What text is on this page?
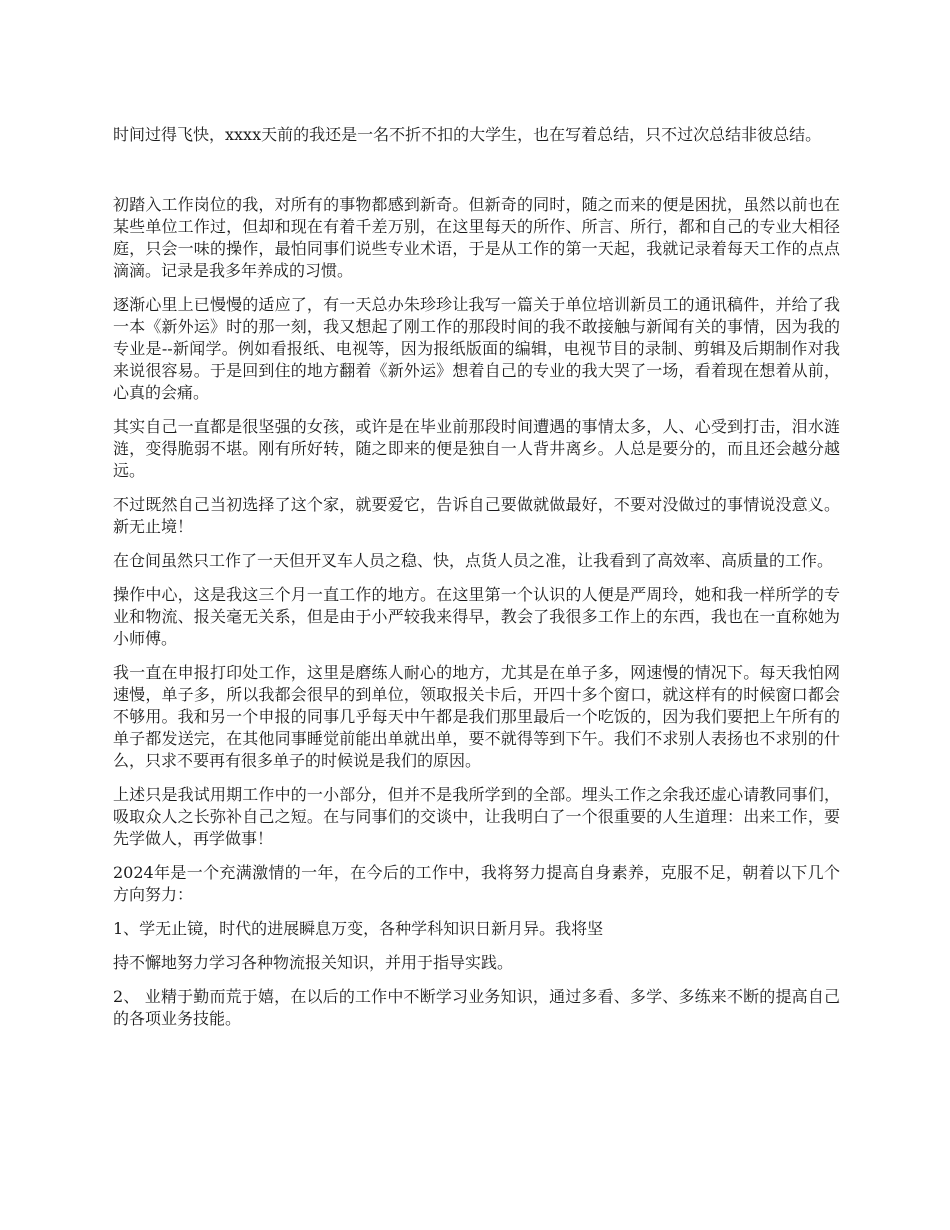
时间过得飞快，xxxx天前的我还是一名不折不扣的大学生，也在写着总结，只不过次总结非彼总结。

初踏入工作岗位的我，对所有的事物都感到新奇。但新奇的同时，随之而来的便是困扰，虽然以前也在某些单位工作过，但却和现在有着千差万别，在这里每天的所作、所言、所行，都和自己的专业大相径庭，只会一味的操作，最怕同事们说些专业术语，于是从工作的第一天起，我就记录着每天工作的点点滴滴。记录是我多年养成的习惯。

逐渐心里上已慢慢的适应了，有一天总办朱珍珍让我写一篇关于单位培训新员工的通讯稿件，并给了我一本《新外运》时的那一刻，我又想起了刚工作的那段时间的我不敢接触与新闻有关的事情，因为我的专业是--新闻学。例如看报纸、电视等，因为报纸版面的编辑，电视节目的录制、剪辑及后期制作对我来说很容易。于是回到住的地方翻着《新外运》想着自己的专业的我大哭了一场，看着现在想着从前，心真的会痛。

其实自己一直都是很坚强的女孩，或许是在毕业前那段时间遭遇的事情太多，人、心受到打击，泪水涟涟，变得脆弱不堪。刚有所好转，随之即来的便是独自一人背井离乡。人总是要分的，而且还会越分越远。

不过既然自己当初选择了这个家，就要爱它，告诉自己要做就做最好，不要对没做过的事情说没意义。新无止境！

在仓间虽然只工作了一天但开叉车人员之稳、快，点货人员之准，让我看到了高效率、高质量的工作。

操作中心，这是我这三个月一直工作的地方。在这里第一个认识的人便是严周玲，她和我一样所学的专业和物流、报关毫无关系，但是由于小严较我来得早，教会了我很多工作上的东西，我也在一直称她为小师傅。

我一直在申报打印处工作，这里是磨练人耐心的地方，尤其是在单子多，网速慢的情况下。每天我怕网速慢，单子多，所以我都会很早的到单位，领取报关卡后，开四十多个窗口，就这样有的时候窗口都会不够用。我和另一个申报的同事几乎每天中午都是我们那里最后一个吃饭的，因为我们要把上午所有的单子都发送完，在其他同事睡觉前能出单就出单，要不就得等到下午。我们不求别人表扬也不求别的什么，只求不要再有很多单子的时候说是我们的原因。

上述只是我试用期工作中的一小部分，但并不是我所学到的全部。埋头工作之余我还虚心请教同事们，吸取众人之长弥补自己之短。在与同事们的交谈中，让我明白了一个很重要的人生道理：出来工作，要先学做人，再学做事！

2024年是一个充满激情的一年，在今后的工作中，我将努力提高自身素养，克服不足，朝着以下几个方向努力：

1、学无止镜，时代的进展瞬息万变，各种学科知识日新月异。我将坚

持不懈地努力学习各种物流报关知识，并用于指导实践。

2、 业精于勤而荒于嬉，在以后的工作中不断学习业务知识，通过多看、多学、多练来不断的提高自己的各项业务技能。
